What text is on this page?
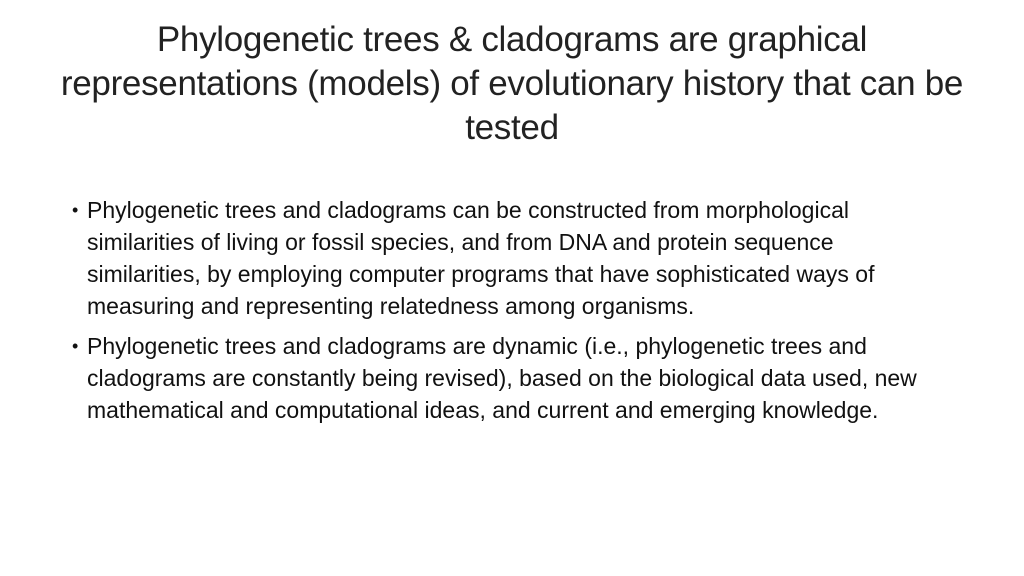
Phylogenetic trees & cladograms are graphical representations (models) of evolutionary history that can be tested
• Phylogenetic trees and cladograms can be constructed from morphological similarities of living or fossil species, and from DNA and protein sequence similarities, by employing computer programs that have sophisticated ways of measuring and representing relatedness among organisms.
• Phylogenetic trees and cladograms are dynamic (i.e., phylogenetic trees and cladograms are constantly being revised), based on the biological data used, new mathematical and computational ideas, and current and emerging knowledge.
